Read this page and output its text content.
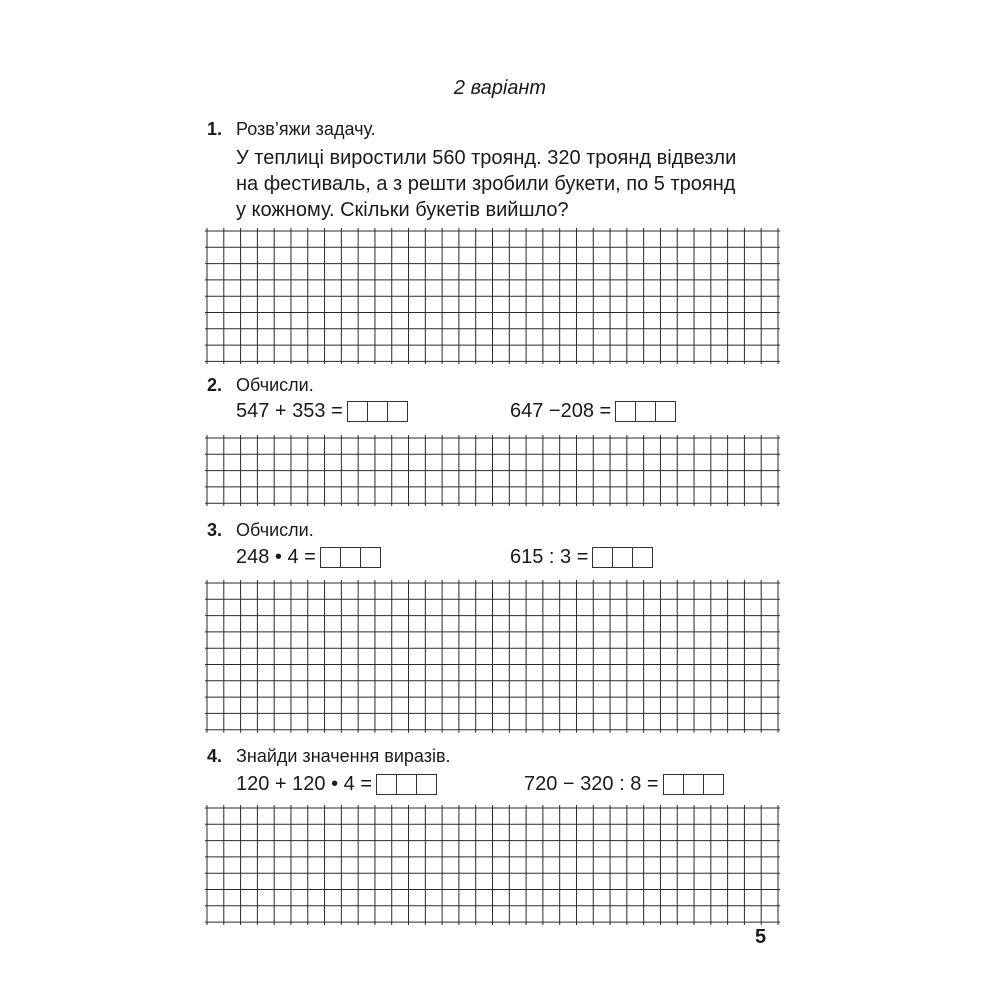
2 варіант
1. Розв’яжи задачу.
У теплиці виростили 560 троянд. 320 троянд відвезли
на фестиваль, а з решти зробили букети, по 5 троянд
у кожному. Скільки букетів вийшло?
2. Обчисли.
547 + 353 =	647 −208 =
3. Обчисли.
248 • 4 =	615 : 3 =
4. Знайди значення виразів.
120 + 120 • 4 =	720 − 320 : 8 =
5
